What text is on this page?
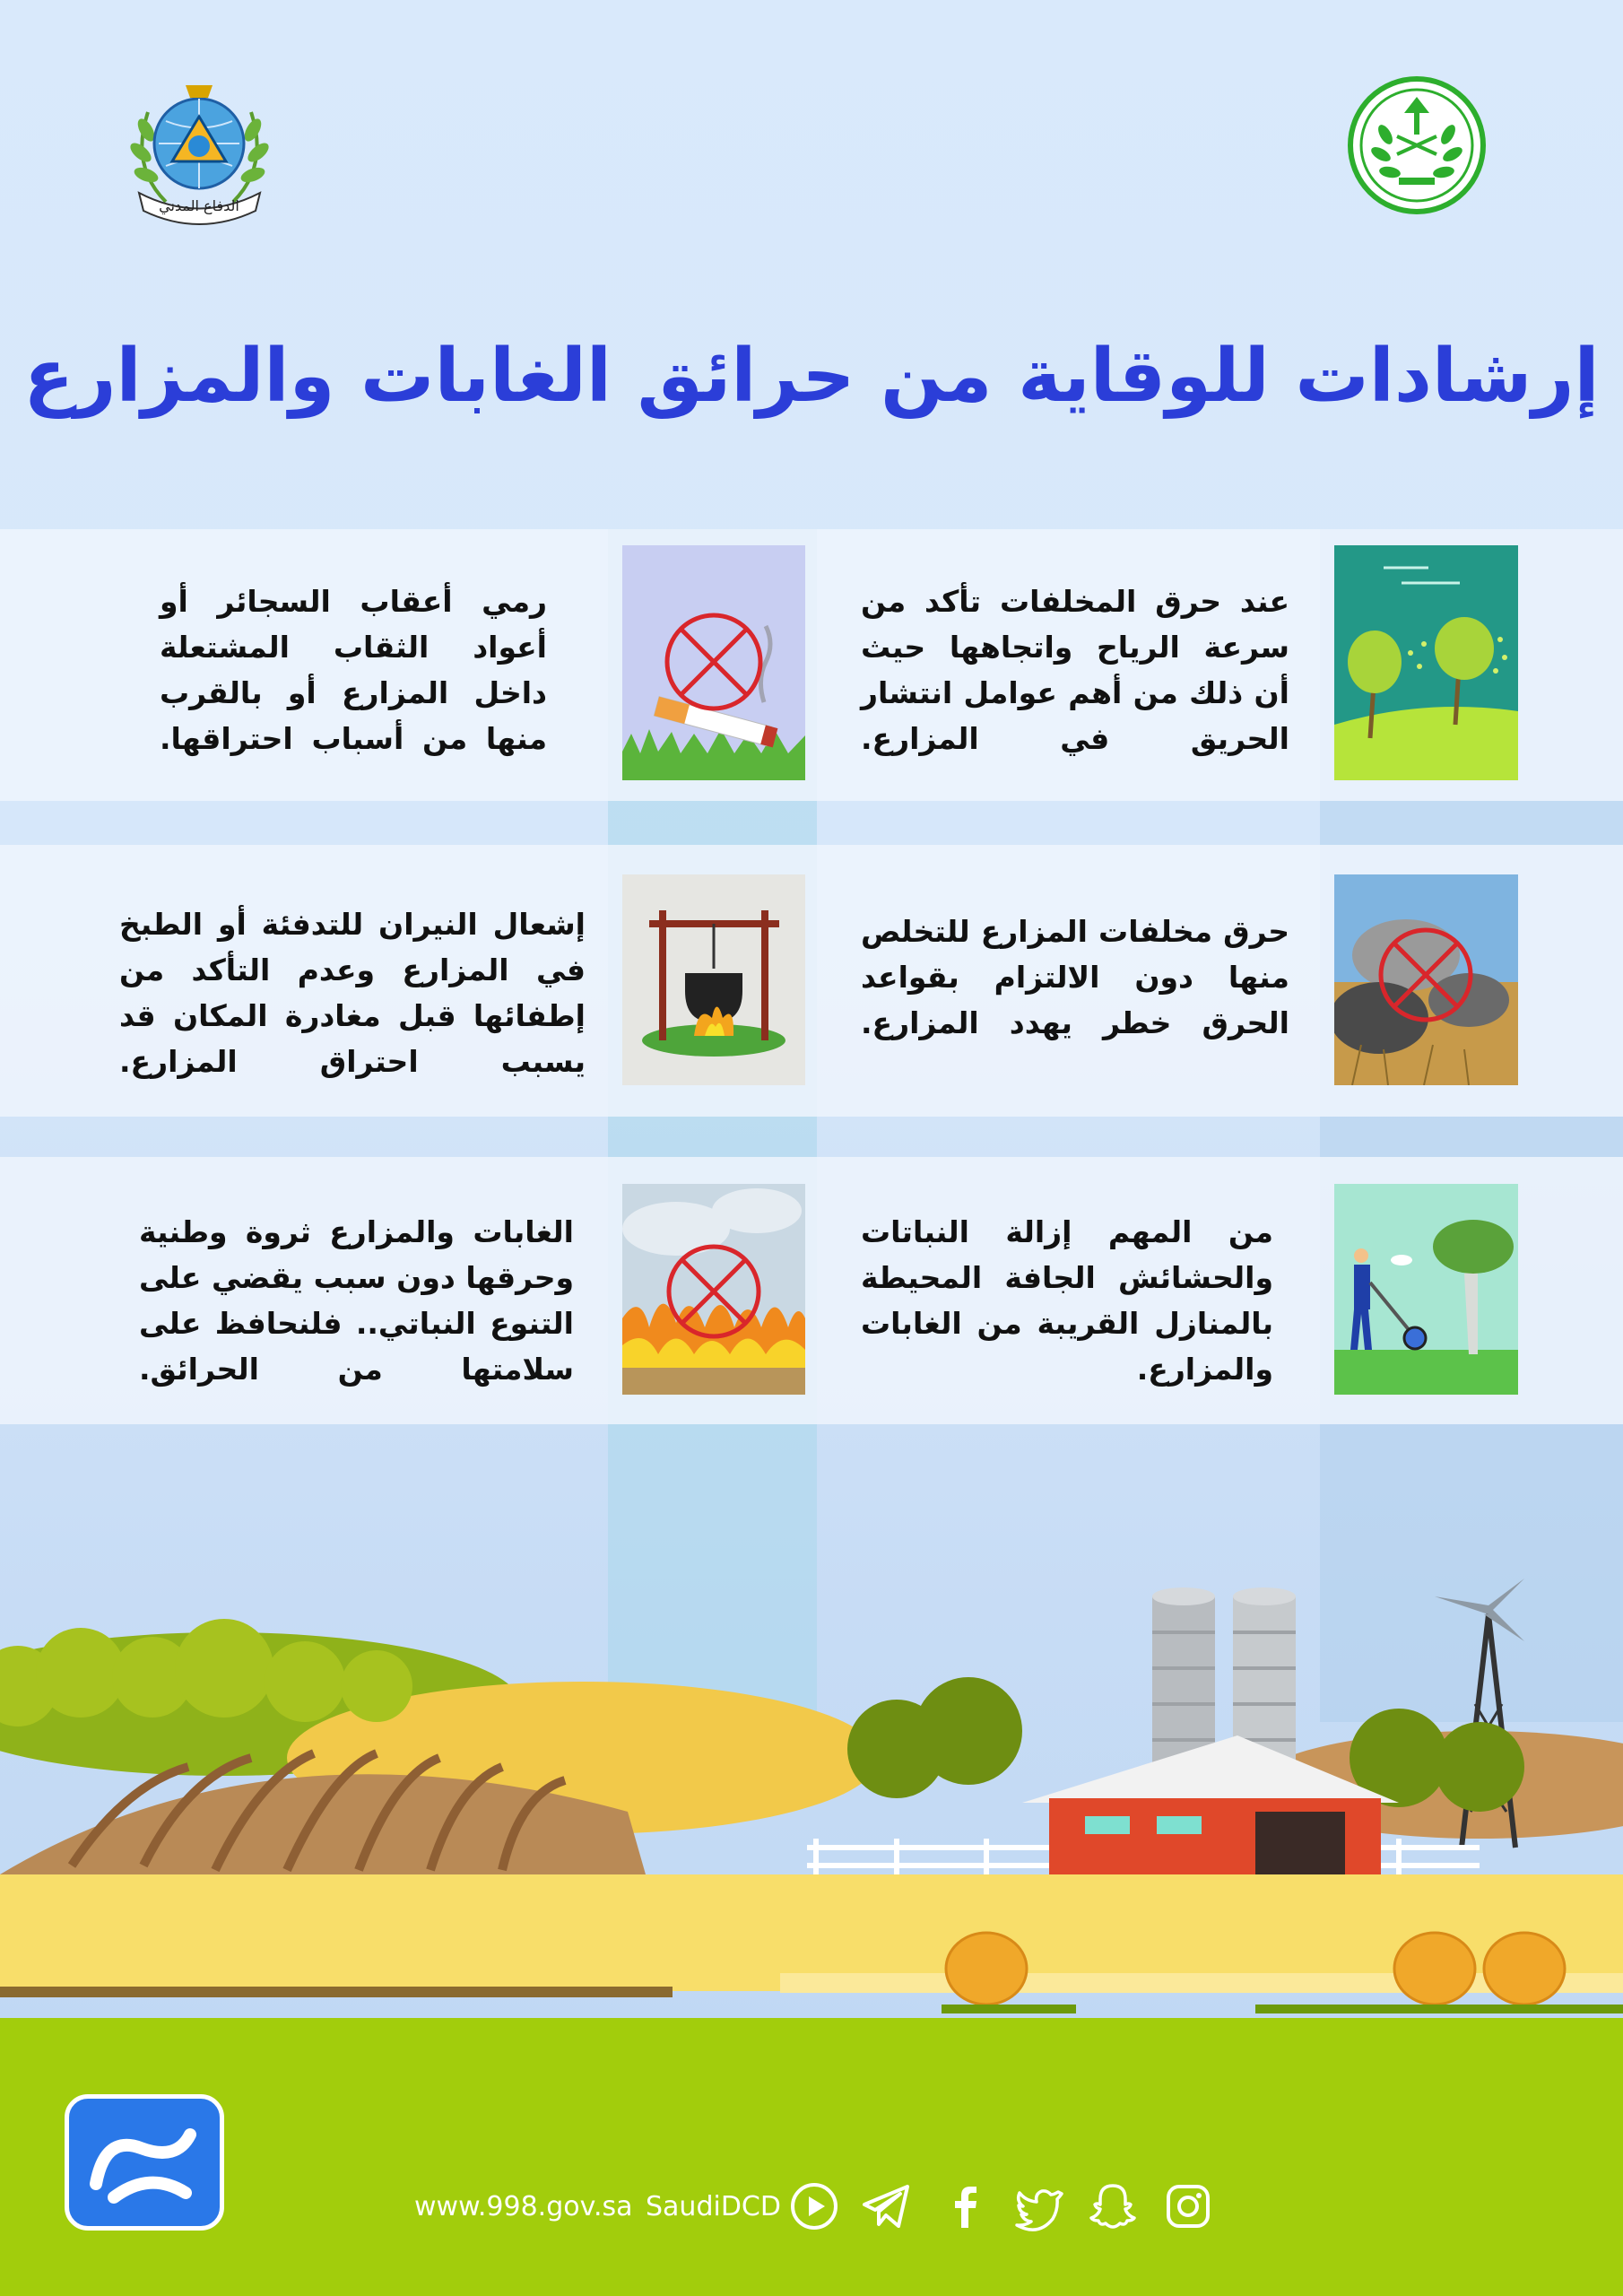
الدفاع المدني
إرشادات للوقاية من حرائق الغابات والمزارع
عند حرق المخلفات تأكد من سرعة الرياح واتجاهها حيث أن ذلك من أهم عوامل انتشار الحريق في المزارع.
رمي أعقاب السجائر أو أعواد الثقاب المشتعلة داخل المزارع أو بالقرب منها من أسباب احتراقها.
حرق مخلفات المزارع للتخلص منها دون الالتزام بقواعد الحرق خطر يهدد المزارع.
إشعال النيران للتدفئة أو الطبخ في المزارع وعدم التأكد من إطفائها قبل مغادرة المكان قد يسبب احتراق المزارع.
من المهم إزالة النباتات والحشائش الجافة المحيطة بالمنازل القريبة من الغابات والمزارع.
الغابات والمزارع ثروة وطنية وحرقها دون سبب يقضي على التنوع النباتي.. فلنحافظ على سلامتها من الحرائق.
www.998.gov.sa SaudiDCD
